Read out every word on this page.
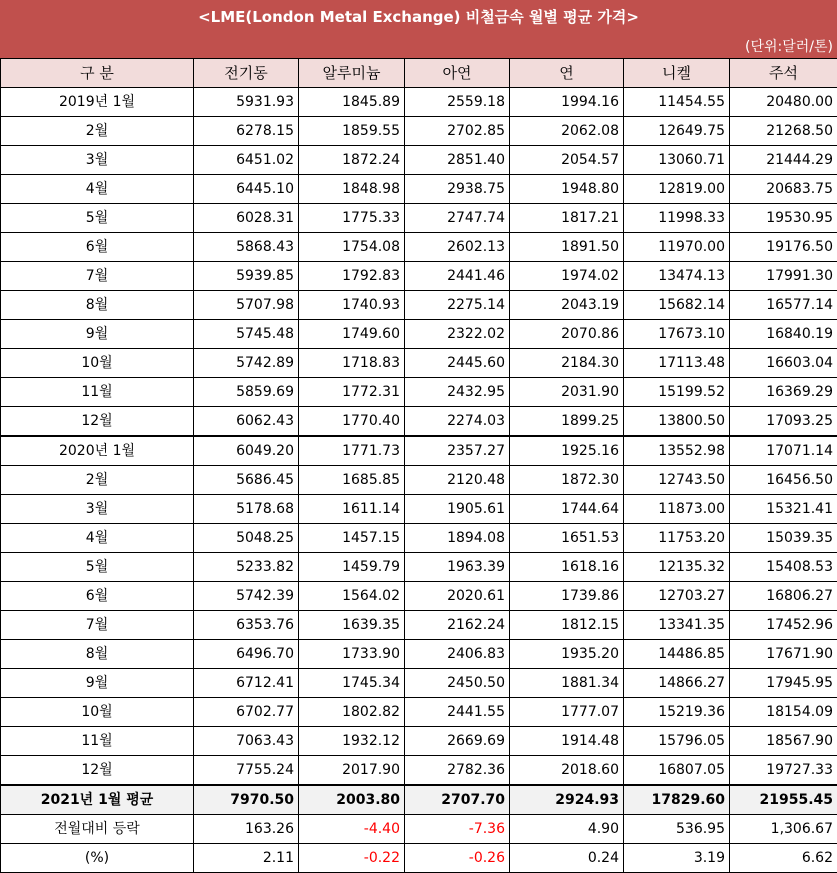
<LME(London Metal Exchange) 비철금속 월별 평균 가격>
(단위:달러/톤)
구 분	전기동	알루미늄	아연	연	니켈	주석
2019년 1월	5931.93	1845.89	2559.18	1994.16	11454.55	20480.00
2월	6278.15	1859.55	2702.85	2062.08	12649.75	21268.50
3월	6451.02	1872.24	2851.40	2054.57	13060.71	21444.29
4월	6445.10	1848.98	2938.75	1948.80	12819.00	20683.75
5월	6028.31	1775.33	2747.74	1817.21	11998.33	19530.95
6월	5868.43	1754.08	2602.13	1891.50	11970.00	19176.50
7월	5939.85	1792.83	2441.46	1974.02	13474.13	17991.30
8월	5707.98	1740.93	2275.14	2043.19	15682.14	16577.14
9월	5745.48	1749.60	2322.02	2070.86	17673.10	16840.19
10월	5742.89	1718.83	2445.60	2184.30	17113.48	16603.04
11월	5859.69	1772.31	2432.95	2031.90	15199.52	16369.29
12월	6062.43	1770.40	2274.03	1899.25	13800.50	17093.25
2020년 1월	6049.20	1771.73	2357.27	1925.16	13552.98	17071.14
2월	5686.45	1685.85	2120.48	1872.30	12743.50	16456.50
3월	5178.68	1611.14	1905.61	1744.64	11873.00	15321.41
4월	5048.25	1457.15	1894.08	1651.53	11753.20	15039.35
5월	5233.82	1459.79	1963.39	1618.16	12135.32	15408.53
6월	5742.39	1564.02	2020.61	1739.86	12703.27	16806.27
7월	6353.76	1639.35	2162.24	1812.15	13341.35	17452.96
8월	6496.70	1733.90	2406.83	1935.20	14486.85	17671.90
9월	6712.41	1745.34	2450.50	1881.34	14866.27	17945.95
10월	6702.77	1802.82	2441.55	1777.07	15219.36	18154.09
11월	7063.43	1932.12	2669.69	1914.48	15796.05	18567.90
12월	7755.24	2017.90	2782.36	2018.60	16807.05	19727.33
2021년 1월 평균	7970.50	2003.80	2707.70	2924.93	17829.60	21955.45
전월대비 등락	163.26	-4.40	-7.36	4.90	536.95	1,306.67
(%)	2.11	-0.22	-0.26	0.24	3.19	6.62
